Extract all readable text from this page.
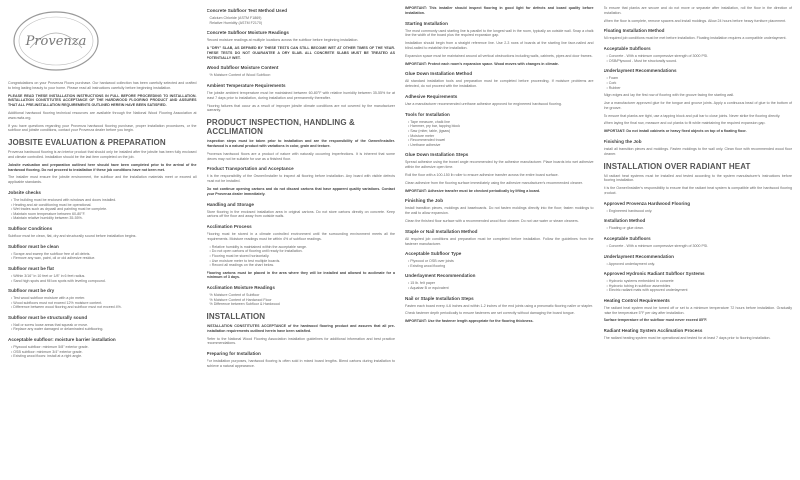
Provenza

Congratulations on your Provenza Floors purchase. Our hardwood collection has been carefully selected and crafted to bring lasting beauty to your home. Please read all instructions carefully before beginning installation.

PLEASE READ THESE INSTALLATION INSTRUCTIONS IN FULL BEFORE PROCEEDING TO INSTALLATION. INSTALLATION CONSTITUTES ACCEPTANCE OF THE HARDWOOD FLOORING PRODUCT AND ASSURES THAT ALL PRE-INSTALLATION REQUIREMENTS OUTLINED HEREIN HAVE BEEN SATISFIED.

Additional hardwood flooring technical resources are available through the National Wood Flooring Association at www.nwfa.org.

If you have questions regarding your Provenza hardwood flooring purchase, proper installation procedures, or the subfloor and jobsite conditions, contact your Provenza dealer before you begin.

JOBSITE EVALUATION & PREPARATION

Provenza hardwood flooring is an interior product that should only be installed after the jobsite has been fully enclosed and climate controlled. Installation should be the last item completed on the job.

Jobsite evaluation and preparation outlined here should have been completed prior to the arrival of the hardwood flooring. Do not proceed to installation if these job conditions have not been met.

The installer must ensure the jobsite environment, the subfloor and the installation materials meet or exceed all applicable standards.

Jobsite checks
• The building must be enclosed with windows and doors installed.
• Heating and air conditioning must be operational.
• Wet trades such as drywall and painting must be complete.
• Maintain room temperature between 60-80°F.
• Maintain relative humidity between 35-55%.
Subfloor Conditions

Subfloor must be clean, flat, dry and structurally sound before installation begins.

Subfloor must be clean
• Scrape and sweep the subfloor free of all debris.
• Remove any wax, paint, oil or old adhesive residue.
Subfloor must be flat
• Within 3/16" in 10 feet or 1/8" in 6 feet radius.
• Sand high spots and fill low spots with leveling compound.
Subfloor must be dry
• Test wood subfloor moisture with a pin meter.
• Wood subfloors must not exceed 12% moisture content.
• Difference between wood flooring and subfloor must not exceed 4%.
Subfloor must be structurally sound
• Nail or screw loose areas that squeak or move.
• Replace any water damaged or delaminated subflooring.
Acceptable subfloor: moisture barrier installation
• Plywood subfloor: minimum 5/8" exterior grade.
• OSB subfloor: minimum 3/4" exterior grade.
• Existing wood floors: install at a right angle.
Concrete Subfloor Test Method Used
Calcium Chloride (ASTM F1869)
Relative Humidity (ASTM F2170)
Concrete Subfloor Moisture Readings

Record moisture readings at multiple locations across the subfloor before beginning installation.

A "DRY" SLAB, AS DEFINED BY THESE TESTS CAN STILL BECOME WET AT OTHER TIMES OF THE YEAR. THESE TESTS DO NOT GUARANTEE A DRY SLAB. ALL CONCRETE SLABS MUST BE TREATED AS POTENTIALLY WET.

Wood Subfloor Moisture Content
% Moisture Content of Wood Subfloor:
Ambient Temperature Requirements

The jobsite ambient temperature must be maintained between 60-80°F with relative humidity between 35-55% for at least 7 days prior to installation, during installation and permanently thereafter.

Flooring failures that occur as a result of improper jobsite climate conditions are not covered by the manufacturer warranty.

PRODUCT INSPECTION, HANDLING & ACCLIMATION

Inspection steps must be taken prior to installation and are the responsibility of the Owner/Installer. Hardwood is a natural product with variations in color, grain and texture.

Provenza hardwood floors are a product of nature with naturally occurring imperfections. It is inherent that some pieces may not be suitable for use as a finished floor.

Product Transportation and Acceptance

It is the responsibility of the Owner/Installer to inspect all flooring before installation. Any board with visible defects must not be installed.

Do not continue opening cartons and do not discard cartons that have apparent quality variations. Contact your Provenza dealer immediately.

Handling and Storage

Store flooring in the enclosed installation area in original cartons. Do not store cartons directly on concrete. Keep cartons off the floor and away from outside walls.

Acclimation Process

Flooring must be stored in a climate controlled environment until the surrounding environment meets all the requirements. Moisture readings must be within 4% of subfloor readings.

• Relative humidity is maintained within the acceptable range.
• Do not open cartons of flooring until ready for installation.
• Flooring must be stored horizontally.
• Use moisture meter to test multiple boards.
• Record all readings on the chart below.

Flooring cartons must be placed in the area where they will be installed and allowed to acclimate for a minimum of 3 days.

Acclimation Moisture Readings
% Moisture Content of Subfloor
% Moisture Content of Hardwood Floor
% Difference between Subfloor & Hardwood
INSTALLATION

INSTALLATION CONSTITUTES ACCEPTANCE of the hardwood flooring product and assures that all pre-installation requirements outlined herein have been satisfied.

Refer to the National Wood Flooring Association installation guidelines for additional information and best practice recommendations.

Preparing for Installation

For installation purposes, hardwood flooring is often sold in mixed board lengths. Blend cartons during installation to achieve a natural appearance.

IMPORTANT: This installer should inspect flooring in good light for defects and board quality before installation.

Starting Installation

The most commonly used starting line is parallel to the longest wall in the room, typically an outside wall. Snap a chalk line the width of the board plus the required expansion gap.

Installation should begin from a straight reference line. Use 2-3 rows of boards at the starting line face-nailed and blind-nailed to establish the installation.

Expansion space must be maintained around all vertical obstructions including walls, cabinets, pipes and door frames.

IMPORTANT: Protect each room's expansion space. Wood moves with changes in climate.

Glue Down Installation Method

All standard installation tools and preparation must be completed before proceeding. If moisture problems are detected, do not proceed with the installation.

Adhesive Requirements

Use a manufacturer recommended urethane adhesive approved for engineered hardwood flooring.

Tools for Installation
• Tape measure, chalk line
• Hammer, pry bar, tapping block
• Saw (miter, table, jigsaw)
• Moisture meter
• Recommended trowel
• Urethane adhesive
Glue Down Installation Steps

Spread adhesive using the trowel angle recommended by the adhesive manufacturer. Place boards into wet adhesive within the adhesive open time.

Roll the floor with a 100-150 lb roller to ensure adhesive transfer across the entire board surface.

Clean adhesive from the flooring surface immediately using the adhesive manufacturer's recommended cleaner.

IMPORTANT: Adhesive transfer must be checked periodically by lifting a board.

Finishing the Job

Install transition pieces, moldings and baseboards. Do not fasten moldings directly into the floor; fasten moldings to the wall to allow expansion.

Clean the finished floor surface with a recommended wood floor cleaner. Do not use water or steam cleaners.

Staple or Nail Installation Method

All required job conditions and preparation must be completed before installation. Follow the guidelines from the fastener manufacturer.

Acceptable Subfloor Type
• Plywood or OSB over joists
• Existing wood flooring
Underlayment Recommendation
• 15 lb. felt paper
• Aquabar B or equivalent
Nail or Staple Installation Steps

Fasten each board every 4-6 inches and within 1-2 inches of the end joints using a pneumatic flooring nailer or stapler.

Check fastener depth periodically to ensure fasteners are set correctly without damaging the board tongue.

IMPORTANT: Use the fastener length appropriate for the flooring thickness.

To ensure that planks are secure and do not move or separate after installation, roll the floor in the direction of installation.

When the floor is complete, remove spacers and install moldings. Allow 24 hours before heavy furniture placement.

Floating Installation Method

All required job conditions must be met before installation. Floating installation requires a compatible underlayment.

Acceptable Subfloors
• Concrete - With a minimum compressive strength of 3000 PSI.
• OSB/Plywood - Must be structurally sound.
Underlayment Recommendations
• Foam
• Cork
• Rubber

Align edges and lay the first row of flooring with the groove facing the starting wall.

Use a manufacturer approved glue for the tongue and groove joints. Apply a continuous bead of glue to the bottom of the groove.

To ensure that planks are tight, use a tapping block and pull bar to close joints. Never strike the flooring directly.

When laying the final row, measure and cut planks to fit while maintaining the required expansion gap.

IMPORTANT: Do not install cabinets or heavy fixed objects on top of a floating floor.

Finishing the Job

Install all transition pieces and moldings. Fasten moldings to the wall only. Clean floor with recommended wood floor cleaner.

INSTALLATION OVER RADIANT HEAT

All radiant heat systems must be installed and tested according to the system manufacturer's instructions before flooring installation.

It is the Owner/Installer's responsibility to ensure that the radiant heat system is compatible with the hardwood flooring product.

Approved Provenza Hardwood Flooring
• Engineered hardwood only.
Installation Method
• Floating or glue down.
Acceptable Subfloors
• Concrete - With a minimum compressive strength of 3000 PSI.
Underlayment Recommendation
• Approved underlayment only.
Approved Hydronic Radiant Subfloor Systems
• Hydronic systems embedded in concrete
• Hydronic tubing in subfloor assemblies
• Electric radiant mats with approved underlayment
Heating Control Requirements

The radiant heat system must be turned off or set to a minimum temperature 72 hours before installation. Gradually raise the temperature 5°F per day after installation.

Surface temperature of the subfloor must never exceed 85°F.

Radiant Heating System Acclimation Process

The radiant heating system must be operational and tested for at least 7 days prior to flooring installation.
